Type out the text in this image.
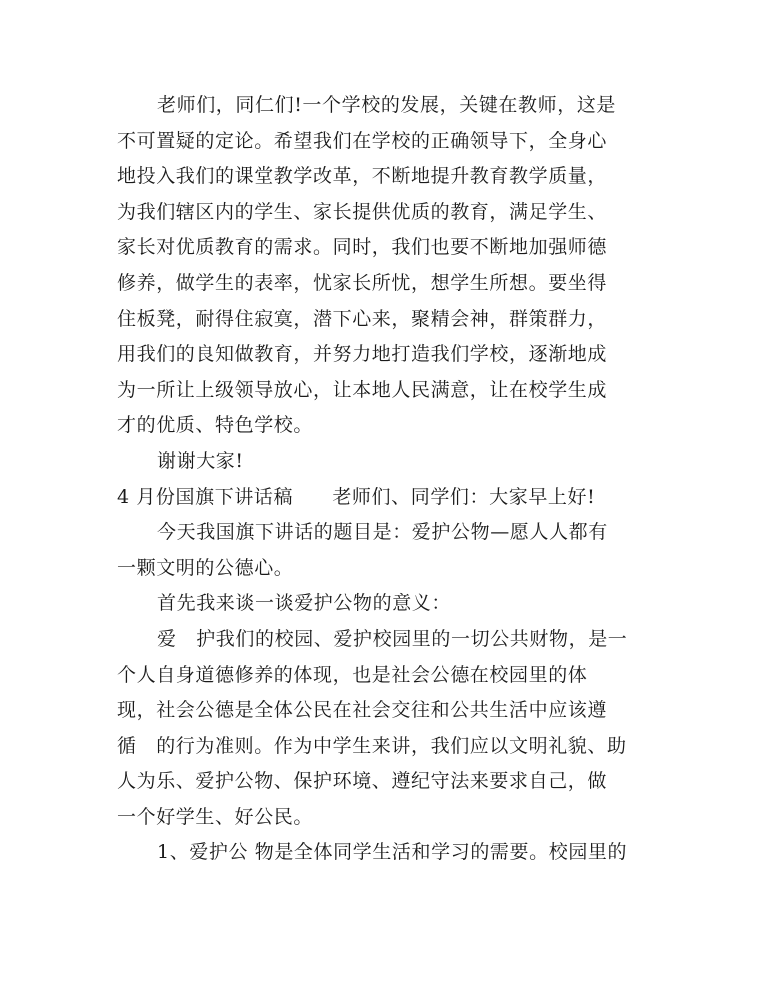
老师们，同仁们!一个学校的发展，关键在教师，这是
不可置疑的定论。希望我们在学校的正确领导下，全身心
地投入我们的课堂教学改革，不断地提升教育教学质量，
为我们辖区内的学生、家长提供优质的教育，满足学生、
家长对优质教育的需求。同时，我们也要不断地加强师德
修养，做学生的表率，忧家长所忧，想学生所想。要坐得
住板凳，耐得住寂寞，潜下心来，聚精会神，群策群力，
用我们的良知做教育，并努力地打造我们学校，逐渐地成
为一所让上级领导放心，让本地人民满意，让在校学生成
才的优质、特色学校。
谢谢大家!
4 月份国旗下讲话稿　　老师们、同学们：大家早上好!
今天我国旗下讲话的题目是：爱护公物—愿人人都有
一颗文明的公德心。
首先我来谈一谈爱护公物的意义：
爱　护我们的校园、爱护校园里的一切公共财物，是一
个人自身道德修养的体现，也是社会公德在校园里的体
现，社会公德是全体公民在社会交往和公共生活中应该遵
循　的行为准则。作为中学生来讲，我们应以文明礼貌、助
人为乐、爱护公物、保护环境、遵纪守法来要求自己，做
一个好学生、好公民。
1、爱护公 物是全体同学生活和学习的需要。校园里的
